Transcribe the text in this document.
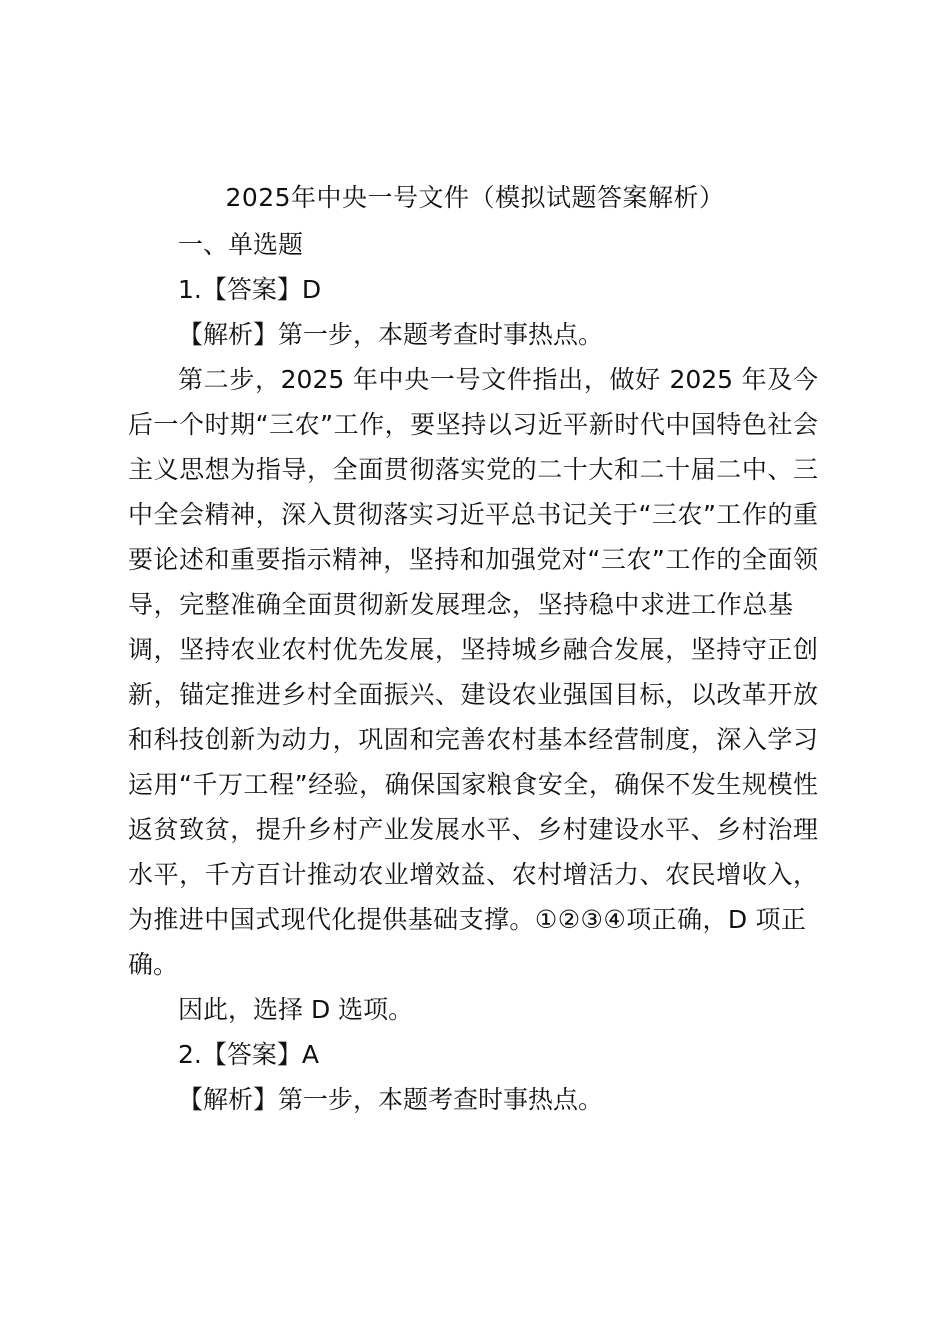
2025年中央一号文件（模拟试题答案解析）
一、单选题
1.【答案】D
【解析】第一步，本题考查时事热点。
第二步，2025 年中央一号文件指出，做好 2025 年及今
后一个时期“三农”工作，要坚持以习近平新时代中国特色社会
主义思想为指导，全面贯彻落实党的二十大和二十届二中、三
中全会精神，深入贯彻落实习近平总书记关于“三农”工作的重
要论述和重要指示精神，坚持和加强党对“三农”工作的全面领
导，完整准确全面贯彻新发展理念，坚持稳中求进工作总基
调，坚持农业农村优先发展，坚持城乡融合发展，坚持守正创
新，锚定推进乡村全面振兴、建设农业强国目标，以改革开放
和科技创新为动力，巩固和完善农村基本经营制度，深入学习
运用“千万工程”经验，确保国家粮食安全，确保不发生规模性
返贫致贫，提升乡村产业发展水平、乡村建设水平、乡村治理
水平，千方百计推动农业增效益、农村增活力、农民增收入，
为推进中国式现代化提供基础支撑。①②③④项正确，D 项正
确。
因此，选择 D 选项。
2.【答案】A
【解析】第一步，本题考查时事热点。
